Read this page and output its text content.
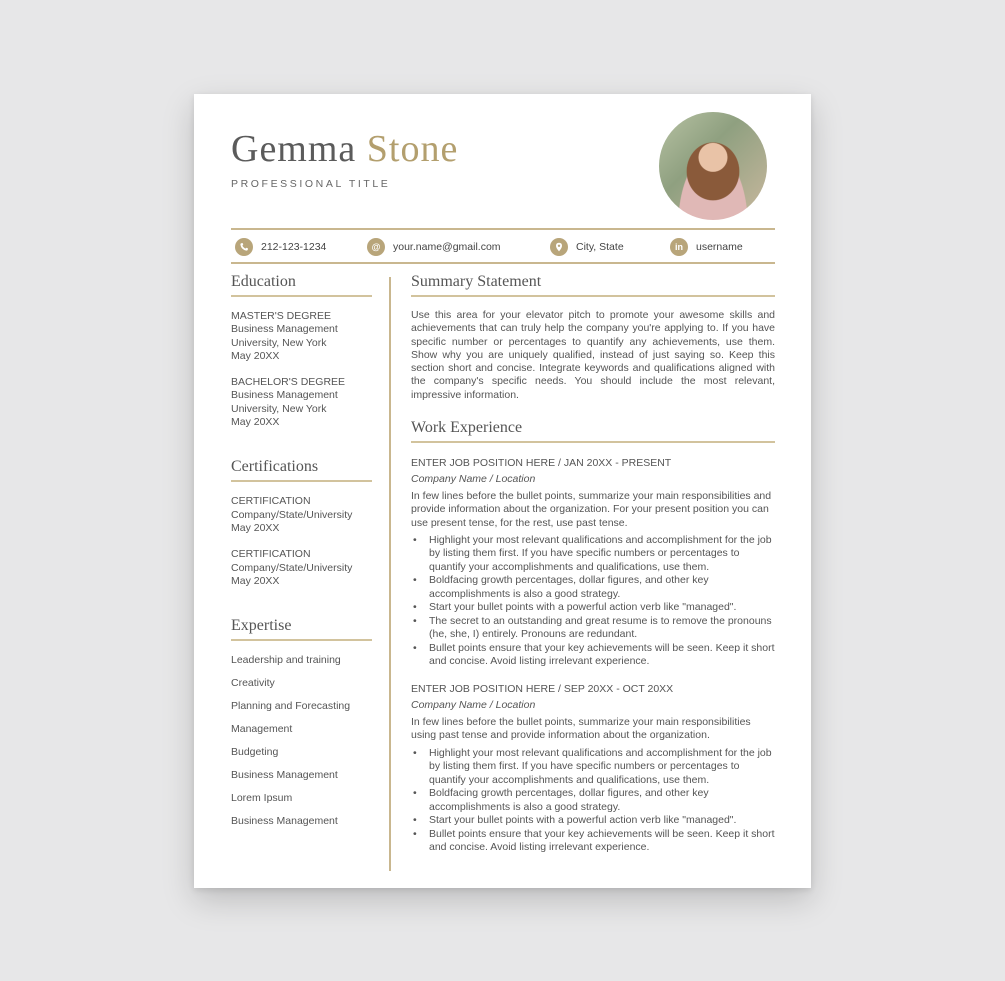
Gemma Stone
PROFESSIONAL TITLE
212-123-1234	@	your.name@gmail.com	City, State	in	username
Education
MASTER'S DEGREE
Business Management
University, New York
May 20XX
BACHELOR'S DEGREE
Business Management
University, New York
May 20XX
Certifications
CERTIFICATION
Company/State/University
May 20XX
CERTIFICATION
Company/State/University
May 20XX
Expertise
Leadership and training
Creativity
Planning and Forecasting
Management
Budgeting
Business Management
Lorem Ipsum
Business Management
Summary Statement
Use this area for your elevator pitch to promote your awesome skills and achievements that can truly help the company you're applying to. If you have specific number or percentages to quantify any achievements, use them. Show why you are uniquely qualified, instead of just saying so. Keep this section short and concise. Integrate keywords and qualifications aligned with the company's specific needs. You should include the most relevant, impressive information.
Work Experience
ENTER JOB POSITION HERE / JAN 20XX - PRESENT
Company Name / Location
In few lines before the bullet points, summarize your main responsibilities and provide information about the organization. For your present position you can use present tense, for the rest, use past tense.
• Highlight your most relevant qualifications and accomplishment for the job by listing them first. If you have specific numbers or percentages to quantify your accomplishments and qualifications, use them.
• Boldfacing growth percentages, dollar figures, and other key accomplishments is also a good strategy.
• Start your bullet points with a powerful action verb like "managed".
• The secret to an outstanding and great resume is to remove the pronouns (he, she, I) entirely. Pronouns are redundant.
• Bullet points ensure that your key achievements will be seen. Keep it short and concise. Avoid listing irrelevant experience.
ENTER JOB POSITION HERE / SEP 20XX - OCT 20XX
Company Name / Location
In few lines before the bullet points, summarize your main responsibilities using past tense and provide information about the organization.
• Highlight your most relevant qualifications and accomplishment for the job by listing them first. If you have specific numbers or percentages to quantify your accomplishments and qualifications, use them.
• Boldfacing growth percentages, dollar figures, and other key accomplishments is also a good strategy.
• Start your bullet points with a powerful action verb like "managed".
• Bullet points ensure that your key achievements will be seen. Keep it short and concise. Avoid listing irrelevant experience.
